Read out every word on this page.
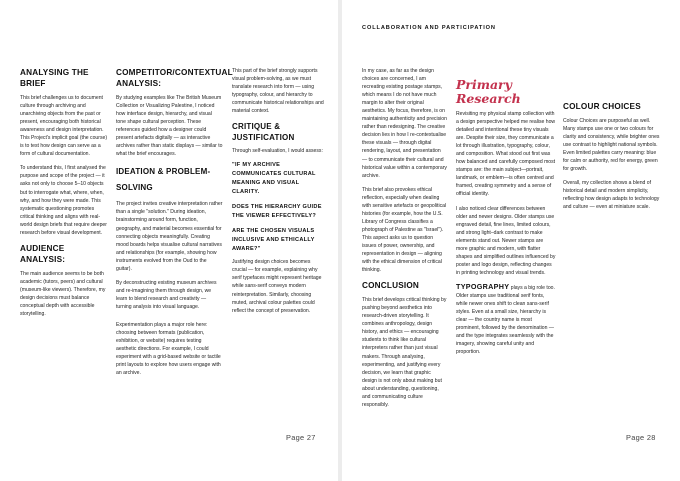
COLLABORATION AND PARTICIPATION
ANALYSING THE BRIEF

This brief challenges us to document culture through archiving and unarchiving objects from the past or present, encouraging both historical awareness and design interpretation. This Project's implicit goal (the course) is to test how design can serve as a form of cultural documentation.

To understand this, I first analysed the purpose and scope of the project — it asks not only to choose 5–10 objects but to interrogate what, where, when, why, and how they were made. This systematic questioning promotes critical thinking and aligns with real-world design briefs that require deeper research before visual development.

AUDIENCE ANALYSIS:

The main audience seems to be both academic (tutors, peers) and cultural (museum-like viewers). Therefore, my design decisions must balance conceptual depth with accessible storytelling.

COMPETITOR/CONTEXTUAL ANALYSIS:

By studying examples like The British Museum Collection or Visualizing Palestine, I noticed how interface design, hierarchy, and visual tone shape cultural perception. These references guided how a designer could present artefacts digitally — as interactive archives rather than static displays — similar to what the brief encourages.

IDEATION & PROBLEM-SOLVING

The project invites creative interpretation rather than a single "solution." During ideation, brainstorming around form, function, geography, and material becomes essential for connecting objects meaningfully. Creating mood boards helps visualise cultural narratives and relationships (for example, showing how instruments evolved from the Oud to the guitar).

By deconstructing existing museum archives and re-imagining them through design, we learn to blend research and creativity — turning analysis into visual language.

Experimentation plays a major role here: choosing between formats (publication, exhibition, or website) requires testing aesthetic directions. For example, I could experiment with a grid-based website or tactile print layouts to explore how users engage with an archive.

This part of the brief strongly supports visual problem-solving, as we must translate research into form — using typography, colour, and hierarchy to communicate historical relationships and material context.

CRITIQUE & JUSTIFICATION

Through self-evaluation, I would assess:

"IF MY ARCHIVE COMMUNICATES CULTURAL MEANING AND VISUAL CLARITY.
DOES THE HIERARCHY GUIDE THE VIEWER EFFECTIVELY?
ARE THE CHOSEN VISUALS INCLUSIVE AND ETHICALLY AWARE?"

Justifying design choices becomes crucial — for example, explaining why serif typefaces might represent heritage while sans-serif conveys modern reinterpretation. Similarly, choosing muted, archival colour palettes could reflect the concept of preservation.

Page 27

In my case, as far as the design choices are concerned, I am recreating existing postage stamps, which means I do not have much margin to alter their original aesthetics. My focus, therefore, is on maintaining authenticity and precision rather than redesigning. The creative decision lies in how I re-contextualise these visuals — through digital rendering, layout, and presentation — to communicate their cultural and historical value within a contemporary archive.

This brief also provokes ethical reflection, especially when dealing with sensitive artefacts or geopolitical histories (for example, how the U.S. Library of Congress classifies a photograph of Palestine as "Israel"). This aspect asks us to question issues of power, ownership, and representation in design — aligning with the ethical dimension of critical thinking.

CONCLUSION

This brief develops critical thinking by pushing beyond aesthetics into research-driven storytelling. It combines anthropology, design history, and ethics — encouraging students to think like cultural interpreters rather than just visual makers. Through analysing, experimenting, and justifying every decision, we learn that graphic design is not only about making but about understanding, questioning, and communicating culture responsibly.

Primary Research

Revisiting my physical stamp collection with a design perspective helped me realise how detailed and intentional these tiny visuals are. Despite their size, they communicate a lot through illustration, typography, colour, and composition. What stood out first was how balanced and carefully composed most stamps are: the main subject—portrait, landmark, or emblem—is often centred and framed, creating symmetry and a sense of official identity.

I also noticed clear differences between older and newer designs. Older stamps use engraved detail, fine lines, limited colours, and strong light–dark contrast to make elements stand out. Newer stamps are more graphic and modern, with flatter shapes and simplified outlines influenced by poster and logo design, reflecting changes in printing technology and visual trends.

TYPOGRAPHY plays a big role too. Older stamps use traditional serif fonts, while newer ones shift to clean sans-serif styles. Even at a small size, hierarchy is clear — the country name is most prominent, followed by the denomination — and the type integrates seamlessly with the imagery, showing careful unity and proportion.

COLOUR CHOICES

Colour Choices are purposeful as well. Many stamps use one or two colours for clarity and consistency, while brighter ones use contrast to highlight national symbols. Even limited palettes carry meaning: blue for calm or authority, red for energy, green for growth.

Overall, my collection shows a blend of historical detail and modern simplicity, reflecting how design adapts to technology and culture — even at miniature scale.

Page 28
